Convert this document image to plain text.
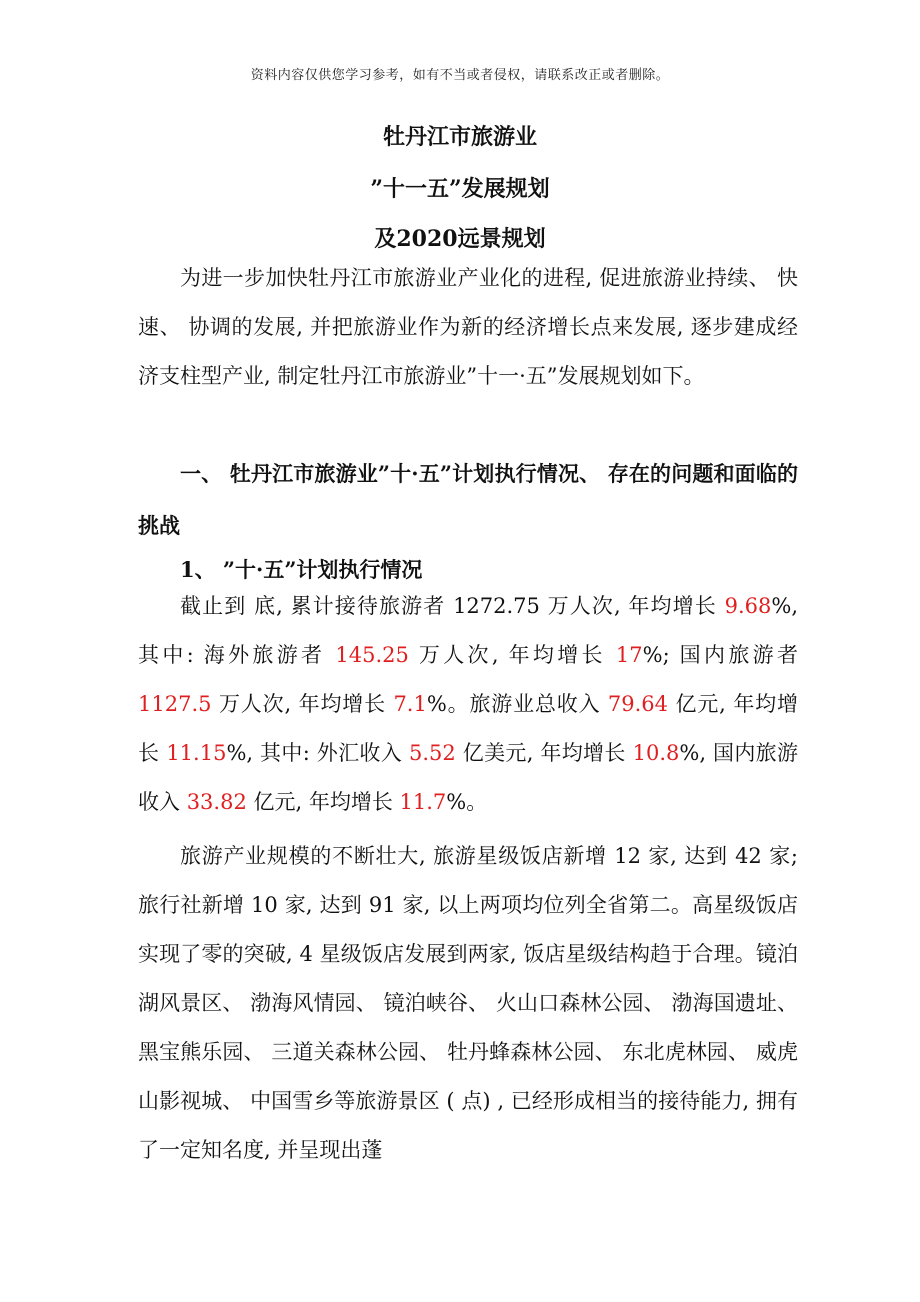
资料内容仅供您学习参考，如有不当或者侵权，请联系改正或者删除。
牡丹江市旅游业
”十一五”发展规划
及2020远景规划
为进一步加快牡丹江市旅游业产业化的进程, 促进旅游业持续、 快速、 协调的发展, 并把旅游业作为新的经济增长点来发展, 逐步建成经济支柱型产业, 制定牡丹江市旅游业”十一·五”发展规划如下。
一、 牡丹江市旅游业”十·五”计划执行情况、 存在的问题和面临的挑战
1、 ”十·五”计划执行情况
截止到 底, 累计接待旅游者 1272.75 万人次, 年均增长 9.68%, 其中: 海外旅游者 145.25 万人次, 年均增长 17%; 国内旅游者 1127.5 万人次, 年均增长 7.1%。旅游业总收入 79.64 亿元, 年均增长 11.15%, 其中: 外汇收入 5.52 亿美元, 年均增长 10.8%, 国内旅游收入 33.82 亿元, 年均增长 11.7%。
旅游产业规模的不断壮大, 旅游星级饭店新增 12 家, 达到 42 家; 旅行社新增 10 家, 达到 91 家, 以上两项均位列全省第二。高星级饭店实现了零的突破, 4 星级饭店发展到两家, 饭店星级结构趋于合理。镜泊湖风景区、 渤海风情园、 镜泊峡谷、 火山口森林公园、 渤海国遗址、 黑宝熊乐园、 三道关森林公园、 牡丹蜂森林公园、 东北虎林园、 威虎山影视城、 中国雪乡等旅游景区 ( 点) , 已经形成相当的接待能力, 拥有了一定知名度, 并呈现出蓬
